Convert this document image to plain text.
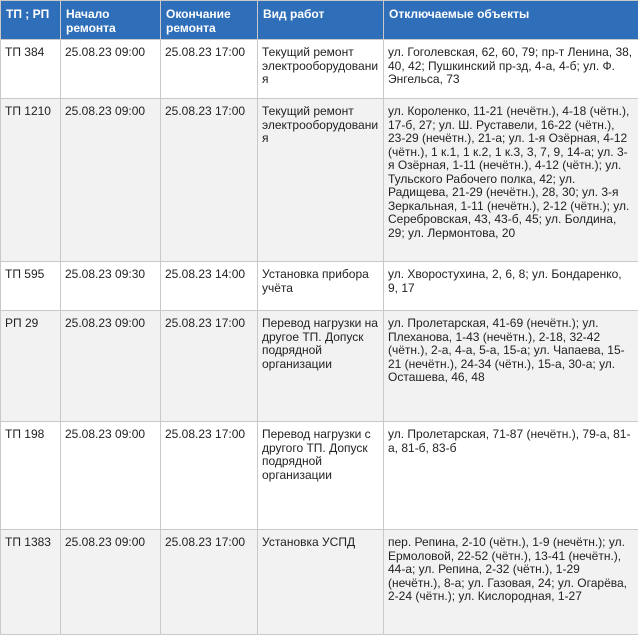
ТП ; РП	Начало ремонта	Окончание ремонта	Вид работ	Отключаемые объекты
ТП 384	25.08.23 09:00	25.08.23 17:00	Текущий ремонт электрооборудования	ул. Гоголевская, 62, 60, 79; пр-т Ленина, 38, 40, 42; Пушкинский пр-зд, 4-а, 4-б; ул. Ф. Энгельса, 73
ТП 1210	25.08.23 09:00	25.08.23 17:00	Текущий ремонт электрооборудования	ул. Короленко, 11-21 (нечётн.), 4-18 (чётн.), 17-б, 27; ул. Ш. Руставели, 16-22 (чётн.), 23-29 (нечётн.), 21-а; ул. 1-я Озёрная, 4-12 (чётн.), 1 к.1, 1 к.2, 1 к.3, 3, 7, 9, 14-а; ул. 3-я Озёрная, 1-11 (нечётн.), 4-12 (чётн.); ул. Тульского Рабочего полка, 42; ул. Радищева, 21-29 (нечётн.), 28, 30; ул. 3-я Зеркальная, 1-11 (нечётн.), 2-12 (чётн.); ул. Серебровская, 43, 43-б, 45; ул. Болдина, 29; ул. Лермонтова, 20
ТП 595	25.08.23 09:30	25.08.23 14:00	Установка прибора учёта	ул. Хворостухина, 2, 6, 8; ул. Бондаренко, 9, 17
РП 29	25.08.23 09:00	25.08.23 17:00	Перевод нагрузки на другое ТП. Допуск подрядной организации	ул. Пролетарская, 41-69 (нечётн.); ул. Плеханова, 1-43 (нечётн.), 2-18, 32-42 (чётн.), 2-а, 4-а, 5-а, 15-а; ул. Чапаева, 15-21 (нечётн.), 24-34 (чётн.), 15-а, 30-а; ул. Осташева, 46, 48
ТП 198	25.08.23 09:00	25.08.23 17:00	Перевод нагрузки с другого ТП. Допуск подрядной организации	ул. Пролетарская, 71-87 (нечётн.), 79-а, 81-а, 81-б, 83-б
ТП 1383	25.08.23 09:00	25.08.23 17:00	Установка УСПД	пер. Репина, 2-10 (чётн.), 1-9 (нечётн.); ул. Ермоловой, 22-52 (чётн.), 13-41 (нечётн.), 44-а; ул. Репина, 2-32 (чётн.), 1-29 (нечётн.), 8-а; ул. Газовая, 24; ул. Огарёва, 2-24 (чётн.); ул. Кислородная, 1-27
